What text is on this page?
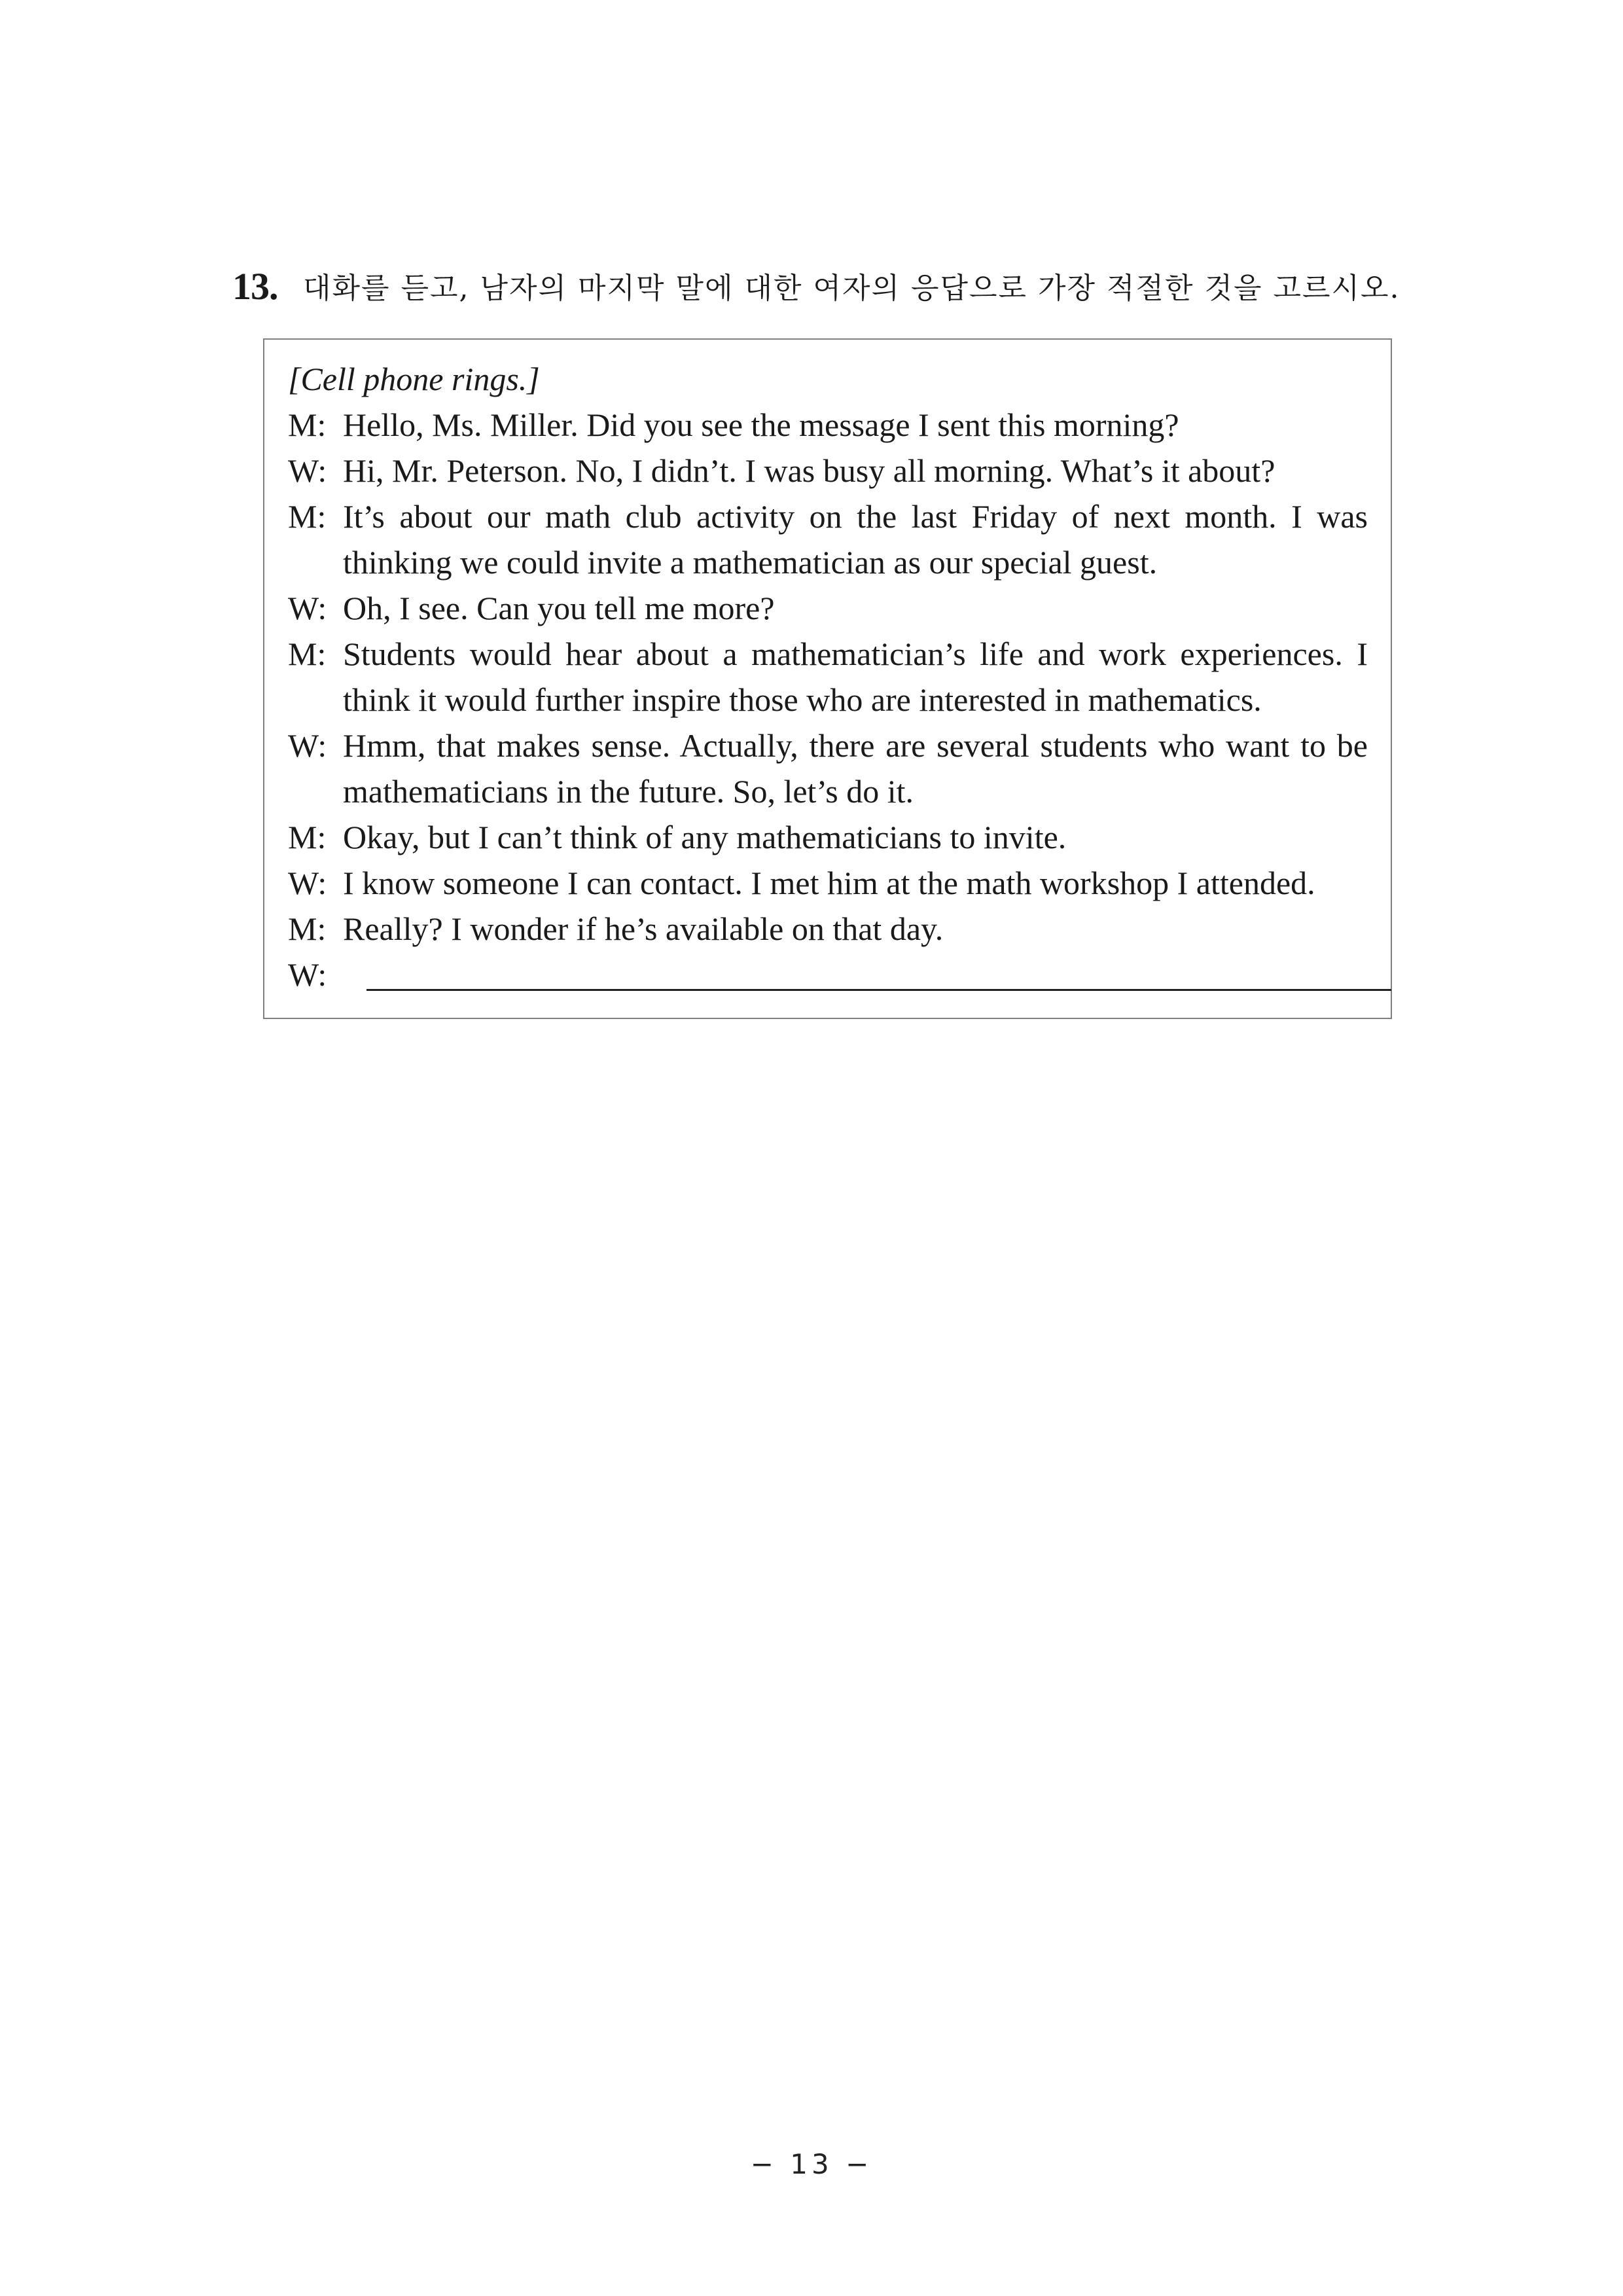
13. 대화를 듣고, 남자의 마지막 말에 대한 여자의 응답으로 가장 적절한 것을 고르시오.
[Cell phone rings.]
M: Hello, Ms. Miller. Did you see the message I sent this morning?
W: Hi, Mr. Peterson. No, I didn’t. I was busy all morning. What’s it about?
M: It’s about our math club activity on the last Friday of next month. I was
thinking we could invite a mathematician as our special guest.
W: Oh, I see. Can you tell me more?
M: Students would hear about a mathematician’s life and work experiences. I
think it would further inspire those who are interested in mathematics.
W: Hmm, that makes sense. Actually, there are several students who want to be
mathematicians in the future. So, let’s do it.
M: Okay, but I can’t think of any mathematicians to invite.
W: I know someone I can contact. I met him at the math workshop I attended.
M: Really? I wonder if he’s available on that day.
W:
− 13 −
